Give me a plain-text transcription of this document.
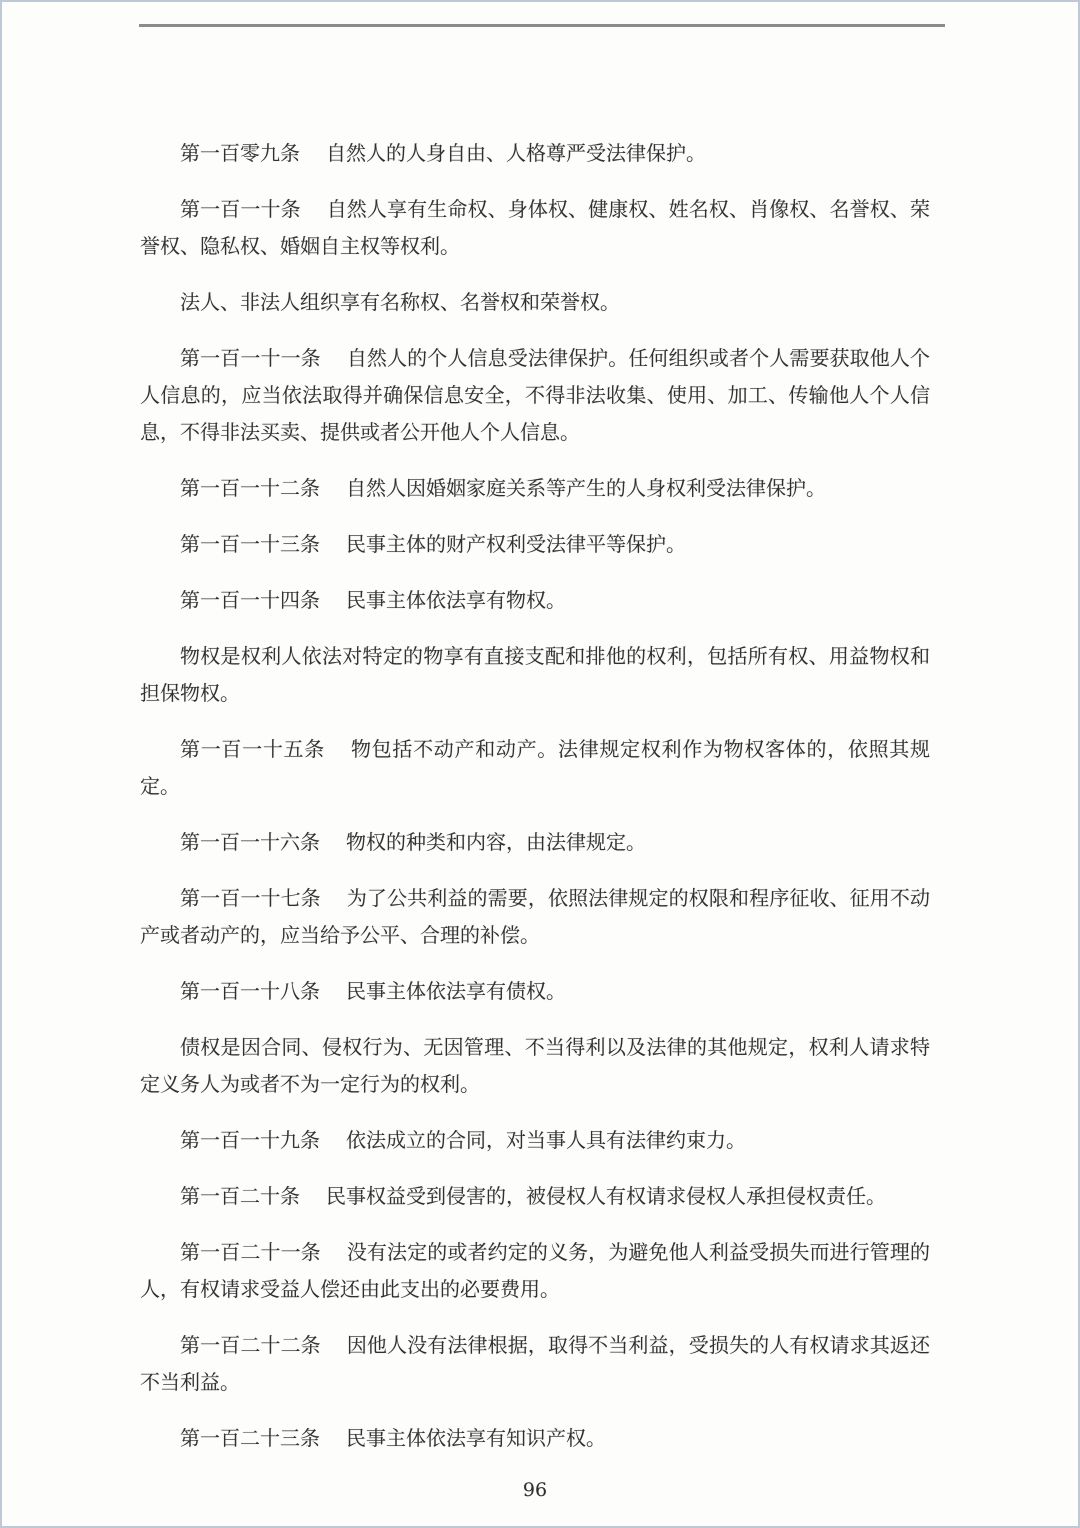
第一百零九条 自然人的人身自由、人格尊严受法律保护。

第一百一十条 自然人享有生命权、身体权、健康权、姓名权、肖像权、名誉权、荣誉权、隐私权、婚姻自主权等权利。

法人、非法人组织享有名称权、名誉权和荣誉权。

第一百一十一条 自然人的个人信息受法律保护。任何组织或者个人需要获取他人个人信息的，应当依法取得并确保信息安全，不得非法收集、使用、加工、传输他人个人信息，不得非法买卖、提供或者公开他人个人信息。

第一百一十二条 自然人因婚姻家庭关系等产生的人身权利受法律保护。

第一百一十三条 民事主体的财产权利受法律平等保护。

第一百一十四条 民事主体依法享有物权。

物权是权利人依法对特定的物享有直接支配和排他的权利，包括所有权、用益物权和担保物权。

第一百一十五条 物包括不动产和动产。法律规定权利作为物权客体的，依照其规定。

第一百一十六条 物权的种类和内容，由法律规定。

第一百一十七条 为了公共利益的需要，依照法律规定的权限和程序征收、征用不动产或者动产的，应当给予公平、合理的补偿。

第一百一十八条 民事主体依法享有债权。

债权是因合同、侵权行为、无因管理、不当得利以及法律的其他规定，权利人请求特定义务人为或者不为一定行为的权利。

第一百一十九条 依法成立的合同，对当事人具有法律约束力。

第一百二十条 民事权益受到侵害的，被侵权人有权请求侵权人承担侵权责任。

第一百二十一条 没有法定的或者约定的义务，为避免他人利益受损失而进行管理的人，有权请求受益人偿还由此支出的必要费用。

第一百二十二条 因他人没有法律根据，取得不当利益，受损失的人有权请求其返还不当利益。

第一百二十三条 民事主体依法享有知识产权。

96
